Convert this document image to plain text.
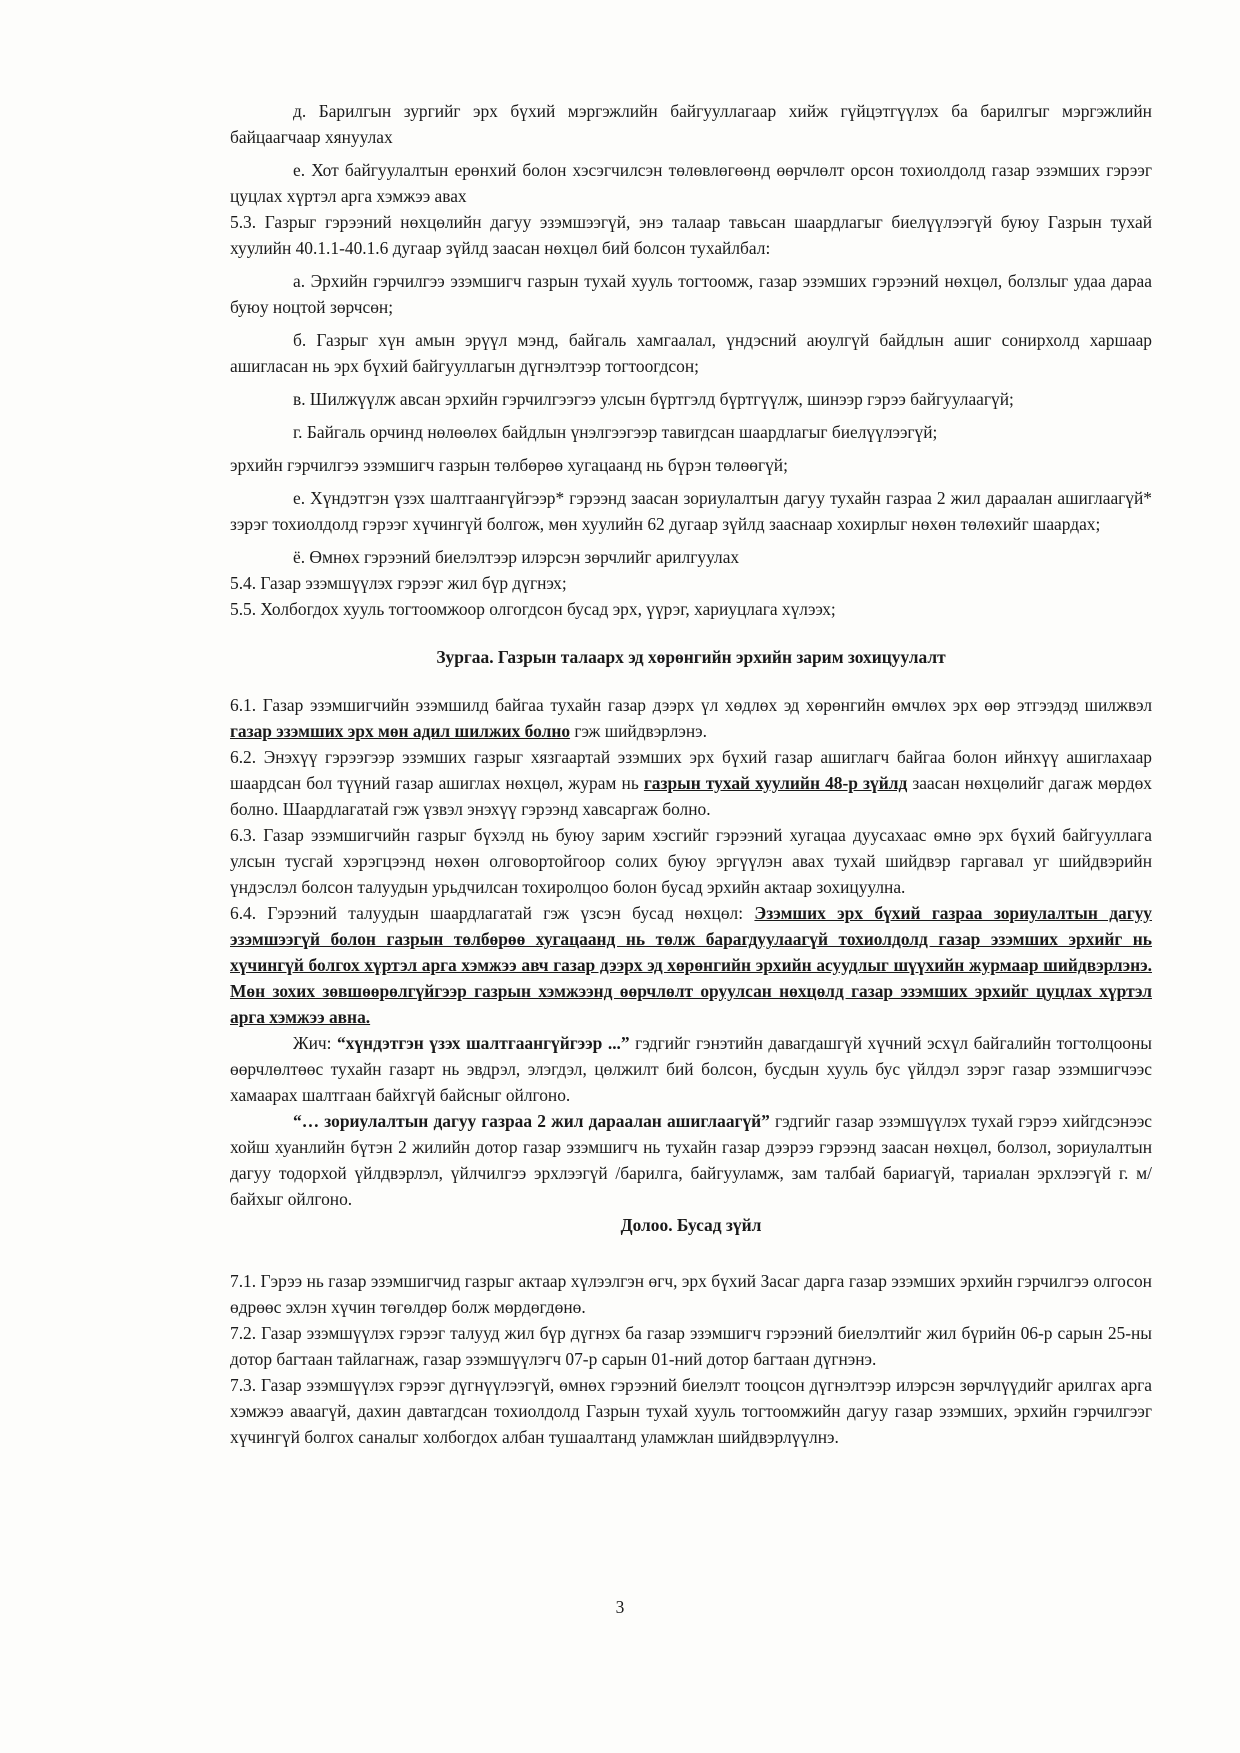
д. Барилгын зургийг эрх бүхий мэргэжлийн байгууллагаар хийж гүйцэтгүүлэх ба барилгыг мэргэжлийн байцаагчаар хянуулах

е. Хот байгуулалтын ерөнхий болон хэсэгчилсэн төлөвлөгөөнд өөрчлөлт орсон тохиолдолд газар эзэмших гэрээг цуцлах хүртэл арга хэмжээ авах

5.3. Газрыг гэрээний нөхцөлийн дагуу эзэмшээгүй, энэ талаар тавьсан шаардлагыг биелүүлээгүй буюу Газрын тухай хуулийн 40.1.1-40.1.6 дугаар зүйлд заасан нөхцөл бий болсон тухайлбал:

а. Эрхийн гэрчилгээ эзэмшигч газрын тухай хууль тогтоомж, газар эзэмших гэрээний нөхцөл, болзлыг удаа дараа буюу ноцтой зөрчсөн;

б. Газрыг хүн амын эрүүл мэнд, байгаль хамгаалал, үндэсний аюулгүй байдлын ашиг сонирхолд харшаар ашигласан нь эрх бүхий байгууллагын дүгнэлтээр тогтоогдсон;

в. Шилжүүлж авсан эрхийн гэрчилгээгээ улсын бүртгэлд бүртгүүлж, шинээр гэрээ байгуулаагүй;

г. Байгаль орчинд нөлөөлөх байдлын үнэлгээгээр тавигдсан шаардлагыг биелүүлээгүй;

эрхийн гэрчилгээ эзэмшигч газрын төлбөрөө хугацаанд нь бүрэн төлөөгүй;

е. Хүндэтгэн үзэх шалтгаангүйгээр* гэрээнд заасан зориулалтын дагуу тухайн газраа 2 жил дараалан ашиглаагүй* зэрэг тохиолдолд гэрээг хүчингүй болгож, мөн хуулийн 62 дугаар зүйлд зааснаар хохирлыг нөхөн төлөхийг шаардах;

ё. Өмнөх гэрээний биелэлтээр илэрсэн зөрчлийг арилгуулах

5.4. Газар эзэмшүүлэх гэрээг жил бүр дүгнэх;

5.5. Холбогдох хууль тогтоомжоор олгогдсон бусад эрх, үүрэг, хариуцлага хүлээх;

Зургаа. Газрын талаарх эд хөрөнгийн эрхийн зарим зохицуулалт

6.1. Газар эзэмшигчийн эзэмшилд байгаа тухайн газар дээрх үл хөдлөх эд хөрөнгийн өмчлөх эрх өөр этгээдэд шилжвэл газар эзэмших эрх мөн адил шилжих болно гэж шийдвэрлэнэ.

6.2. Энэхүү гэрээгээр эзэмших газрыг хязгаартай эзэмших эрх бүхий газар ашиглагч байгаа болон ийнхүү ашиглахаар шаардсан бол түүний газар ашиглах нөхцөл, журам нь газрын тухай хуулийн 48-р зүйлд заасан нөхцөлийг дагаж мөрдөх болно. Шаардлагатай гэж үзвэл энэхүү гэрээнд хавсаргаж болно.

6.3. Газар эзэмшигчийн газрыг бүхэлд нь буюу зарим хэсгийг гэрээний хугацаа дуусахаас өмнө эрх бүхий байгууллага улсын тусгай хэрэгцээнд нөхөн олговортойгоор солих буюу эргүүлэн авах тухай шийдвэр гаргавал уг шийдвэрийн үндэслэл болсон талуудын урьдчилсан тохиролцоо болон бусад эрхийн актаар зохицуулна.

6.4. Гэрээний талуудын шаардлагатай гэж үзсэн бусад нөхцөл: Эзэмших эрх бүхий газраа зориулалтын дагуу эзэмшээгүй болон газрын төлбөрөө хугацаанд нь төлж барагдуулаагүй тохиолдолд газар эзэмших эрхийг нь хүчингүй болгох хүртэл арга хэмжээ авч газар дээрх эд хөрөнгийн эрхийн асуудлыг шүүхийн журмаар шийдвэрлэнэ. Мөн зохих зөвшөөрөлгүйгээр газрын хэмжээнд өөрчлөлт оруулсан нөхцөлд газар эзэмших эрхийг цуцлах хүртэл арга хэмжээ авна.

Жич: “хүндэтгэн үзэх шалтгаангүйгээр ...” гэдгийг гэнэтийн давагдашгүй хүчний эсхүл байгалийн тогтолцооны өөрчлөлтөөс тухайн газарт нь эвдрэл, элэгдэл, цөлжилт бий болсон, бусдын хууль бус үйлдэл зэрэг газар эзэмшигчээс хамаарах шалтгаан байхгүй байсныг ойлгоно.

“… зориулалтын дагуу газраа 2 жил дараалан ашиглаагүй” гэдгийг газар эзэмшүүлэх тухай гэрээ хийгдсэнээс хойш хуанлийн бүтэн 2 жилийн дотор газар эзэмшигч нь тухайн газар дээрээ гэрээнд заасан нөхцөл, болзол, зориулалтын дагуу тодорхой үйлдвэрлэл, үйлчилгээ эрхлээгүй /барилга, байгууламж, зам талбай бариагүй, тариалан эрхлээгүй г. м/ байхыг ойлгоно.

Долоо. Бусад зүйл

7.1. Гэрээ нь газар эзэмшигчид газрыг актаар хүлээлгэн өгч, эрх бүхий Засаг дарга газар эзэмших эрхийн гэрчилгээ олгосон өдрөөс эхлэн хүчин төгөлдөр болж мөрдөгдөнө.

7.2. Газар эзэмшүүлэх гэрээг талууд жил бүр дүгнэх ба газар эзэмшигч гэрээний биелэлтийг жил бүрийн 06-р сарын 25-ны дотор багтаан тайлагнаж, газар эзэмшүүлэгч 07-р сарын 01-ний дотор багтаан дүгнэнэ.

7.3. Газар эзэмшүүлэх гэрээг дүгнүүлээгүй, өмнөх гэрээний биелэлт тооцсон дүгнэлтээр илэрсэн зөрчлүүдийг арилгах арга хэмжээ аваагүй, дахин давтагдсан тохиолдолд Газрын тухай хууль тогтоомжийн дагуу газар эзэмших, эрхийн гэрчилгээг хүчингүй болгох саналыг холбогдох албан тушаалтанд уламжлан шийдвэрлүүлнэ.

3
